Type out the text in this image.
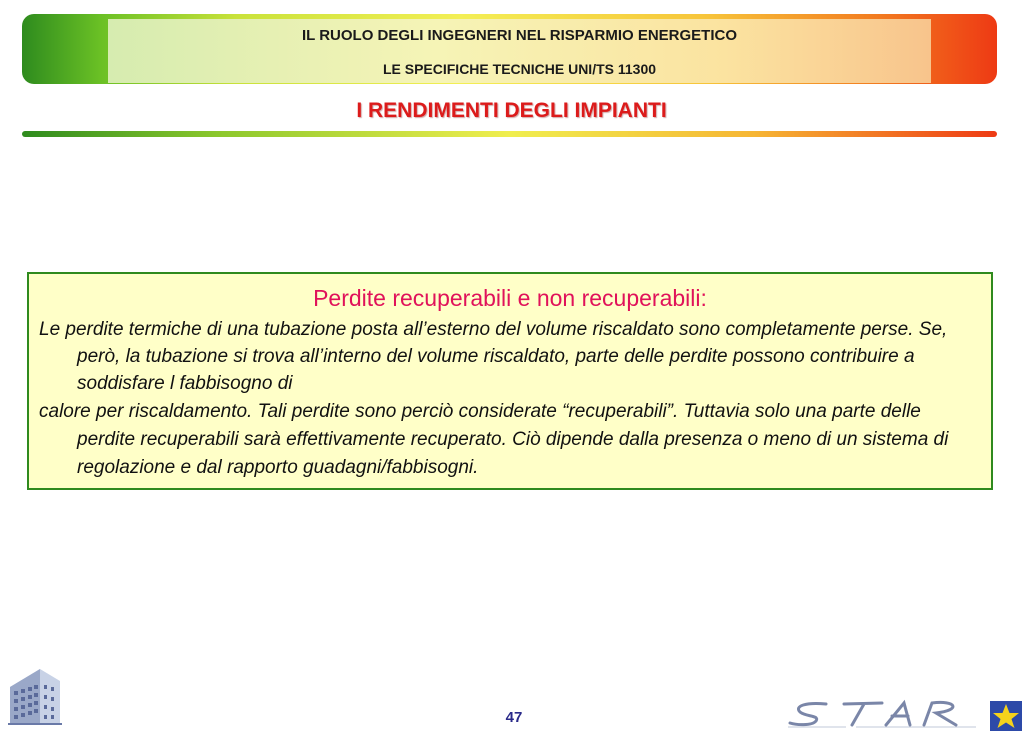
IL RUOLO DEGLI INGEGNERI NEL RISPARMIO ENERGETICO
LE SPECIFICHE TECNICHE UNI/TS 11300
I RENDIMENTI DEGLI IMPIANTI
Perdite recuperabili e non recuperabili:
Le perdite termiche di una tubazione posta all’esterno del volume riscaldato sono completamente perse. Se, però, la tubazione si trova all’interno del volume riscaldato, parte delle perdite possono contribuire a soddisfare l fabbisogno di
calore per riscaldamento. Tali perdite sono perciò considerate “recuperabili”. Tuttavia solo una parte delle perdite recuperabili sarà effettivamente recuperato. Ciò dipende dalla presenza o meno di un sistema di regolazione e dal rapporto guadagni/fabbisogni.
47
